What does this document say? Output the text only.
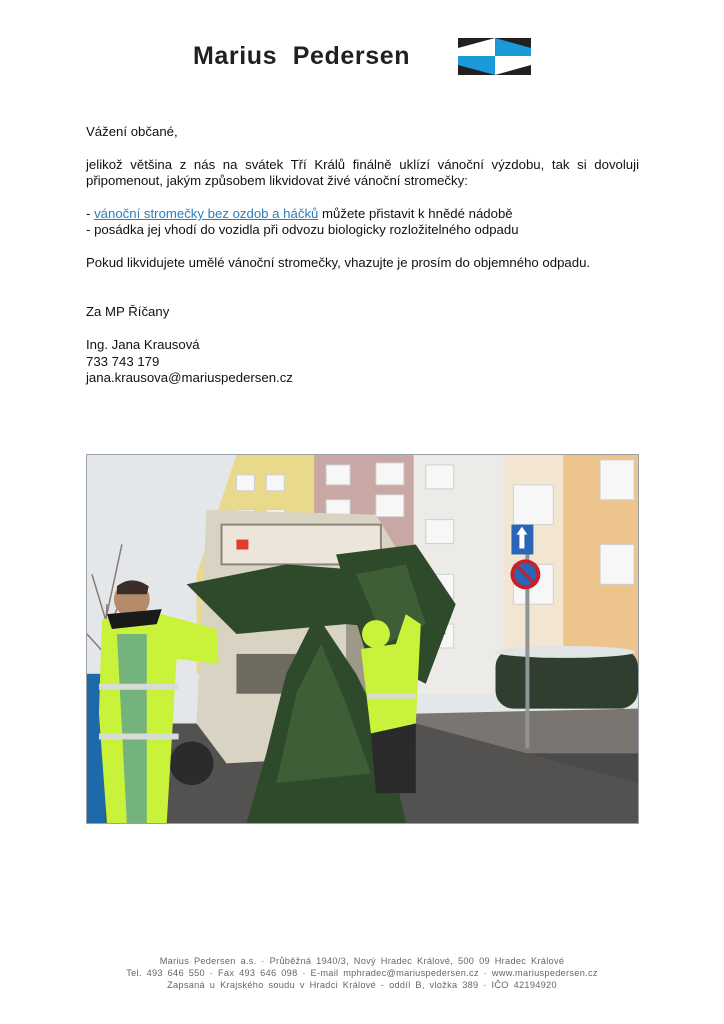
Marius Pedersen

Vážení občané,

jelikož většina z nás na svátek Tří Králů finálně uklízí vánoční výzdobu, tak si dovoluji
připomenout, jakým způsobem likvidovat živé vánoční stromečky:

- vánoční stromečky bez ozdob a háčků můžete přistavit k hnědé nádobě

- posádka jej vhodí do vozidla při odvozu biologicky rozložitelného odpadu

Pokud likvidujete umělé vánoční stromečky, vhazujte je prosím do objemného odpadu.

Za MP Říčany

Ing. Jana Krausová

733 743 179

jana.krausova@mariuspedersen.cz

Marius Pedersen a.s. · Průběžná 1940/3, Nový Hradec Králové, 500 09 Hradec Králové
Tel. 493 646 550 · Fax 493 646 098 · E-mail mphradec@mariuspedersen.cz · www.mariuspedersen.cz
Zapsaná u Krajského soudu v Hradci Králové - oddíl B, vložka 389 · IČO 42194920
